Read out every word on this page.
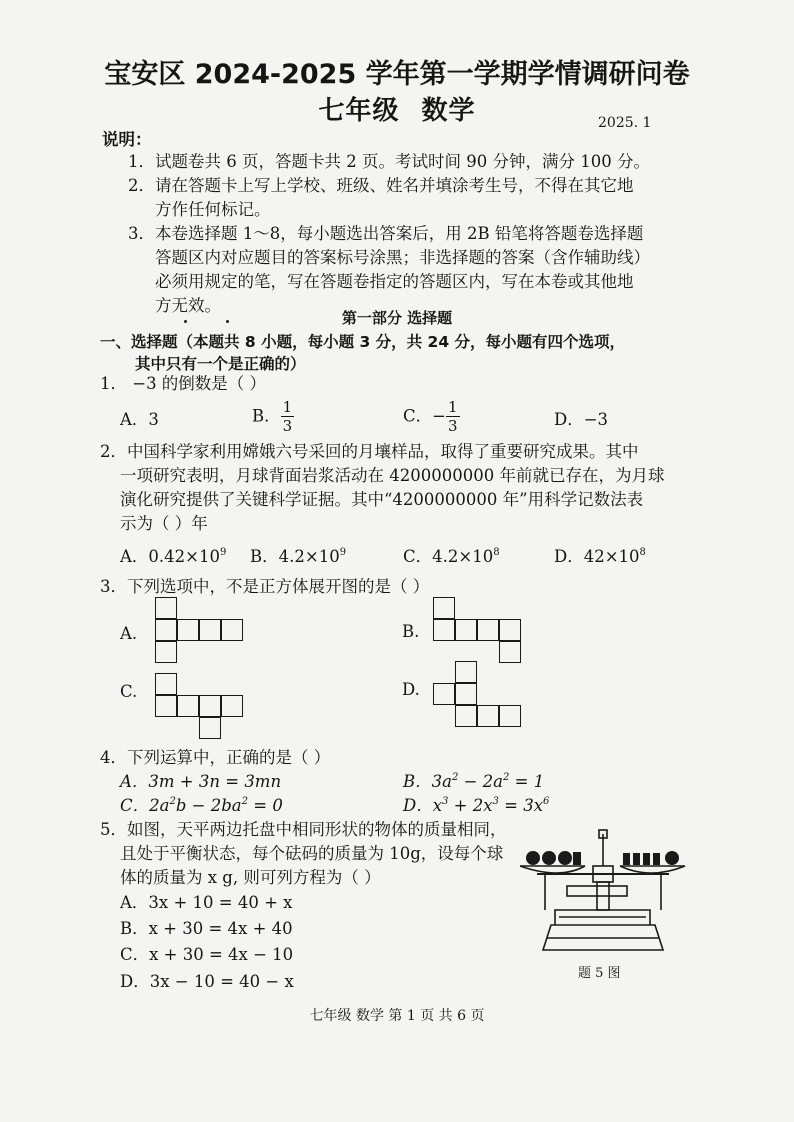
宝安区 2024-2025 学年第一学期学情调研问卷
七年级 数学	2025. 1
说明：
1． 试题卷共 6 页，答题卡共 2 页。考试时间 90 分钟，满分 100 分。
2． 请在答题卡上写上学校、班级、姓名并填涂考生号，不得在其它地
方作任何标记。
3． 本卷选择题 1～8，每小题选出答案后，用 2B 铅笔将答题卷选择题
答题区内对应题目的答案标号涂黑；非选择题的答案（含作辅助线）
必须用规定的笔，写在答题卷指定的答题区内，写在本卷或其他地
方无效。
第一部分 选择题
一、选择题（本题共 8 小题，每小题 3 分，共 24 分，每小题有四个选项，
其中只有一个是正确的）
1． −3 的倒数是（ ）
A．3	B． $\frac{1}{3}$	C．− $\frac{1}{3}$	D．−3
2．中国科学家利用嫦娥六号采回的月壤样品，取得了重要研究成果。其中
一项研究表明，月球背面岩浆活动在 4200000000 年前就已存在，为月球
演化研究提供了关键科学证据。其中“4200000000 年”用科学记数法表
示为（ ）年
A．$0.42\times 10^9$ B．$4.2\times 10^9$	C．$4.2\times 10^8$	D．$42\times 10^8$
3．下列选项中，不是正方体展开图的是（ ）
A.	B.
C.	D.
4．下列运算中，正确的是（ ）
A．3m + 3n = 3mn	B．$3a^2 - 2a^2 = 1$
C．$2a^2b - 2ba^2 = 0$	D．$x^3 + 2x^3 = 3x^6$
5．如图，天平两边托盘中相同形状的物体的质量相同，
且处于平衡状态，每个砝码的质量为 10g，设每个球
体的质量为 x g, 则可列方程为（ ）
A．3x + 10 = 40 + x
B．x + 30 = 4x + 40
C．x + 30 = 4x − 10
D．3x − 10 = 40 − x	题 5 图
七年级 数学 第 1 页 共 6 页
